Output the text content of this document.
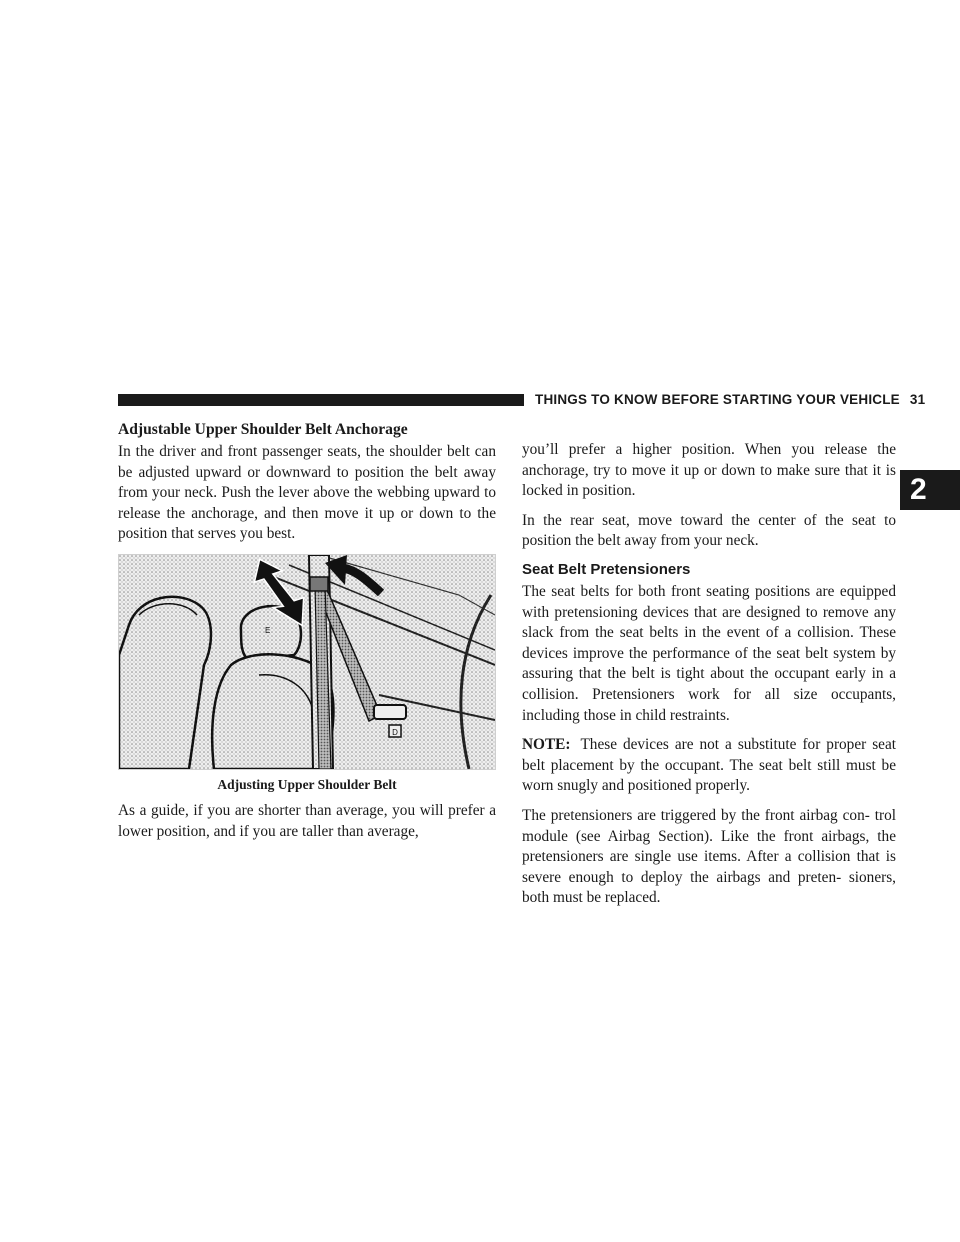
THINGS TO KNOW BEFORE STARTING YOUR VEHICLE 31
2
Adjustable Upper Shoulder Belt Anchorage

In the driver and front passenger seats, the shoulder belt can be adjusted upward or downward to position the belt away from your neck. Push the lever above the webbing upward to release the anchorage, and then move it up or down to the position that serves you best.

D
E
Adjusting Upper Shoulder Belt

As a guide, if you are shorter than average, you will prefer a lower position, and if you are taller than average,

you’ll prefer a higher position. When you release the anchorage, try to move it up or down to make sure that it is locked in position.

In the rear seat, move toward the center of the seat to position the belt away from your neck.

Seat Belt Pretensioners

The seat belts for both front seating positions are equipped with pretensioning devices that are designed to remove any slack from the seat belts in the event of a collision. These devices improve the performance of the seat belt system by assuring that the belt is tight about the occupant early in a collision. Pretensioners work for all size occupants, including those in child restraints.

NOTE: These devices are not a substitute for proper seat belt placement by the occupant. The seat belt still must be worn snugly and positioned properly.

The pretensioners are triggered by the front airbag con- trol module (see Airbag Section). Like the front airbags, the pretensioners are single use items. After a collision that is severe enough to deploy the airbags and preten- sioners, both must be replaced.
